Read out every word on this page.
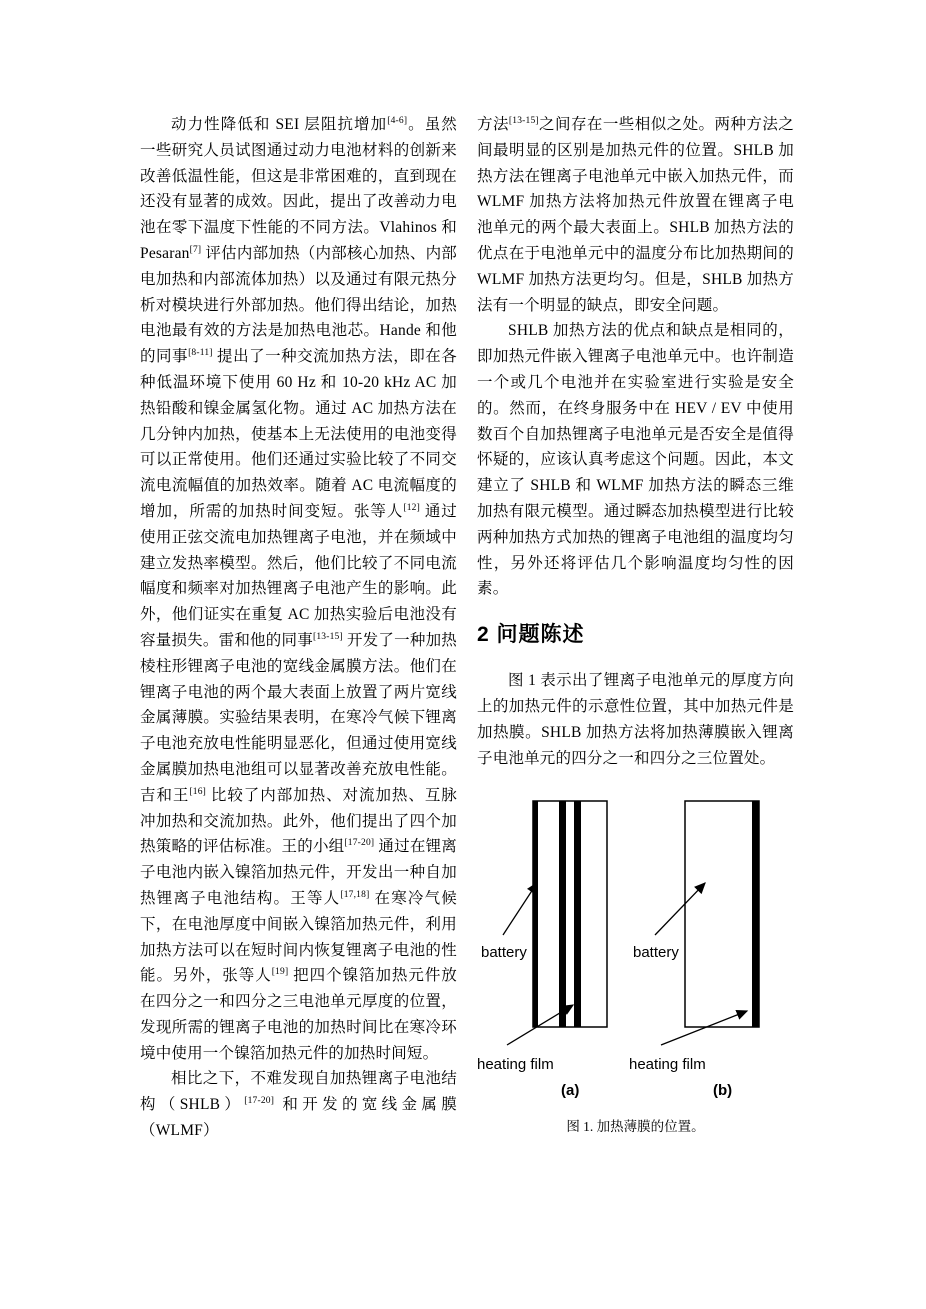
动力性降低和 SEI 层阻抗增加[4-6]。虽然一些研究人员试图通过动力电池材料的创新来改善低温性能，但这是非常困难的，直到现在还没有显著的成效。因此，提出了改善动力电池在零下温度下性能的不同方法。Vlahinos 和 Pesaran[7] 评估内部加热（内部核心加热、内部电加热和内部流体加热）以及通过有限元热分析对模块进行外部加热。他们得出结论，加热电池最有效的方法是加热电池芯。Hande 和他的同事[8-11] 提出了一种交流加热方法，即在各种低温环境下使用 60 Hz 和 10-20 kHz AC 加热铅酸和镍金属氢化物。通过 AC 加热方法在几分钟内加热，使基本上无法使用的电池变得可以正常使用。他们还通过实验比较了不同交流电流幅值的加热效率。随着 AC 电流幅度的增加，所需的加热时间变短。张等人[12] 通过使用正弦交流电加热锂离子电池，并在频域中建立发热率模型。然后，他们比较了不同电流幅度和频率对加热锂离子电池产生的影响。此外，他们证实在重复 AC 加热实验后电池没有容量损失。雷和他的同事[13-15] 开发了一种加热棱柱形锂离子电池的宽线金属膜方法。他们在锂离子电池的两个最大表面上放置了两片宽线金属薄膜。实验结果表明，在寒冷气候下锂离子电池充放电性能明显恶化，但通过使用宽线金属膜加热电池组可以显著改善充放电性能。吉和王[16] 比较了内部加热、对流加热、互脉冲加热和交流加热。此外，他们提出了四个加热策略的评估标准。王的小组[17-20] 通过在锂离子电池内嵌入镍箔加热元件，开发出一种自加热锂离子电池结构。王等人[17,18] 在寒冷气候下，在电池厚度中间嵌入镍箔加热元件，利用加热方法可以在短时间内恢复锂离子电池的性能。另外，张等人[19] 把四个镍箔加热元件放在四分之一和四分之三电池单元厚度的位置，发现所需的锂离子电池的加热时间比在寒冷环境中使用一个镍箔加热元件的加热时间短。

相比之下，不难发现自加热锂离子电池结构（SHLB）[17-20] 和开发的宽线金属膜（WLMF）

方法[13-15]之间存在一些相似之处。两种方法之间最明显的区别是加热元件的位置。SHLB 加热方法在锂离子电池单元中嵌入加热元件，而 WLMF 加热方法将加热元件放置在锂离子电池单元的两个最大表面上。SHLB 加热方法的优点在于电池单元中的温度分布比加热期间的 WLMF 加热方法更均匀。但是，SHLB 加热方法有一个明显的缺点，即安全问题。

SHLB 加热方法的优点和缺点是相同的，即加热元件嵌入锂离子电池单元中。也许制造一个或几个电池并在实验室进行实验是安全的。然而，在终身服务中在 HEV / EV 中使用数百个自加热锂离子电池单元是否安全是值得怀疑的，应该认真考虑这个问题。因此，本文建立了 SHLB 和 WLMF 加热方法的瞬态三维加热有限元模型。通过瞬态加热模型进行比较两种加热方式加热的锂离子电池组的温度均匀性，另外还将评估几个影响温度均匀性的因素。

2 问题陈述

图 1 表示出了锂离子电池单元的厚度方向上的加热元件的示意性位置，其中加热元件是加热膜。SHLB 加热方法将加热薄膜嵌入锂离子电池单元的四分之一和四分之三位置处。

battery
heating film
(a)
battery
heating film
(b)
图 1. 加热薄膜的位置。
